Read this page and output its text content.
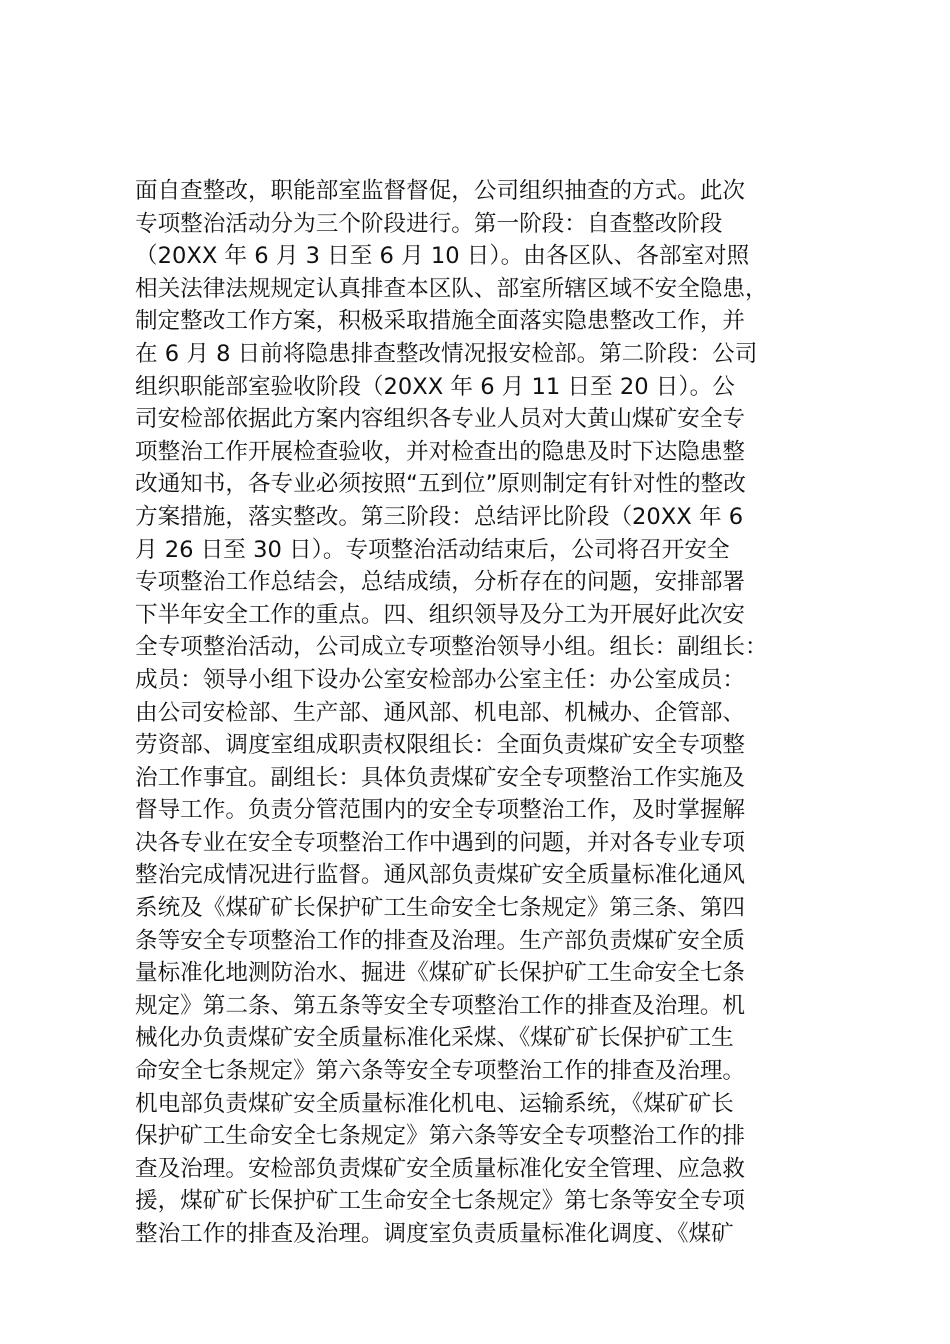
面自查整改，职能部室监督督促，公司组织抽查的方式。此次
专项整治活动分为三个阶段进行。第一阶段：自查整改阶段
（20XX 年 6 月 3 日至 6 月 10 日）。由各区队、各部室对照
相关法律法规规定认真排查本区队、部室所辖区域不安全隐患，
制定整改工作方案，积极采取措施全面落实隐患整改工作，并
在 6 月 8 日前将隐患排查整改情况报安检部。第二阶段：公司
组织职能部室验收阶段（20XX 年 6 月 11 日至 20 日）。公
司安检部依据此方案内容组织各专业人员对大黄山煤矿安全专
项整治工作开展检查验收，并对检查出的隐患及时下达隐患整
改通知书，各专业必须按照“五到位”原则制定有针对性的整改
方案措施，落实整改。第三阶段：总结评比阶段（20XX 年 6
月 26 日至 30 日）。专项整治活动结束后，公司将召开安全
专项整治工作总结会，总结成绩，分析存在的问题，安排部署
下半年安全工作的重点。四、组织领导及分工为开展好此次安
全专项整治活动，公司成立专项整治领导小组。组长：副组长：
成员：领导小组下设办公室安检部办公室主任：办公室成员：
由公司安检部、生产部、通风部、机电部、机械办、企管部、
劳资部、调度室组成职责权限组长：全面负责煤矿安全专项整
治工作事宜。副组长：具体负责煤矿安全专项整治工作实施及
督导工作。负责分管范围内的安全专项整治工作，及时掌握解
决各专业在安全专项整治工作中遇到的问题，并对各专业专项
整治完成情况进行监督。通风部负责煤矿安全质量标准化通风
系统及《煤矿矿长保护矿工生命安全七条规定》第三条、第四
条等安全专项整治工作的排查及治理。生产部负责煤矿安全质
量标准化地测防治水、掘进《煤矿矿长保护矿工生命安全七条
规定》第二条、第五条等安全专项整治工作的排查及治理。机
械化办负责煤矿安全质量标准化采煤、《煤矿矿长保护矿工生
命安全七条规定》第六条等安全专项整治工作的排查及治理。
机电部负责煤矿安全质量标准化机电、运输系统，《煤矿矿长
保护矿工生命安全七条规定》第六条等安全专项整治工作的排
查及治理。安检部负责煤矿安全质量标准化安全管理、应急救
援，煤矿矿长保护矿工生命安全七条规定》第七条等安全专项
整治工作的排查及治理。调度室负责质量标准化调度、《煤矿
